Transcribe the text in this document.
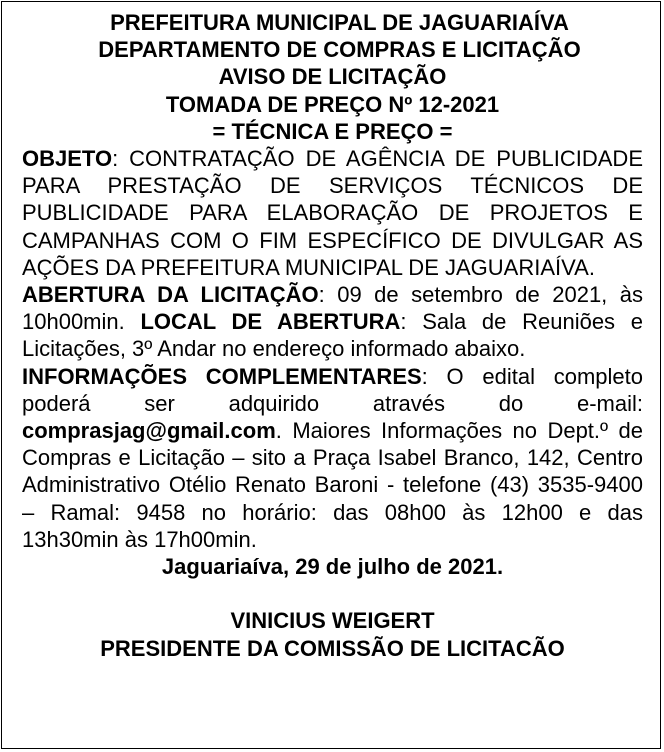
PREFEITURA MUNICIPAL DE JAGUARIAÍVA
DEPARTAMENTO DE COMPRAS E LICITAÇÃO
AVISO DE LICITAÇÃO
TOMADA DE PREÇO Nº 12-2021
= TÉCNICA E PREÇO =

OBJETO: CONTRATAÇÃO DE AGÊNCIA DE PUBLICIDADE PARA PRESTAÇÃO DE SERVIÇOS TÉCNICOS DE PUBLICIDADE PARA ELABORAÇÃO DE PROJETOS E CAMPANHAS COM O FIM ESPECÍFICO DE DIVULGAR AS AÇÕES DA PREFEITURA MUNICIPAL DE JAGUARIAÍVA.

ABERTURA DA LICITAÇÃO: 09 de setembro de 2021, às 10h00min. LOCAL DE ABERTURA: Sala de Reuniões e Licitações, 3º Andar no endereço informado abaixo.

INFORMAÇÕES COMPLEMENTARES: O edital completo poderá ser adquirido através do e-mail: comprasjag@gmail.com. Maiores Informações no Dept.º de Compras e Licitação – sito a Praça Isabel Branco, 142, Centro Administrativo Otélio Renato Baroni - telefone (43) 3535-9400 – Ramal: 9458 no horário: das 08h00 às 12h00 e das 13h30min às 17h00min.

Jaguariaíva, 29 de julho de 2021.
VINICIUS WEIGERT
PRESIDENTE DA COMISSÃO DE LICITACÃO
